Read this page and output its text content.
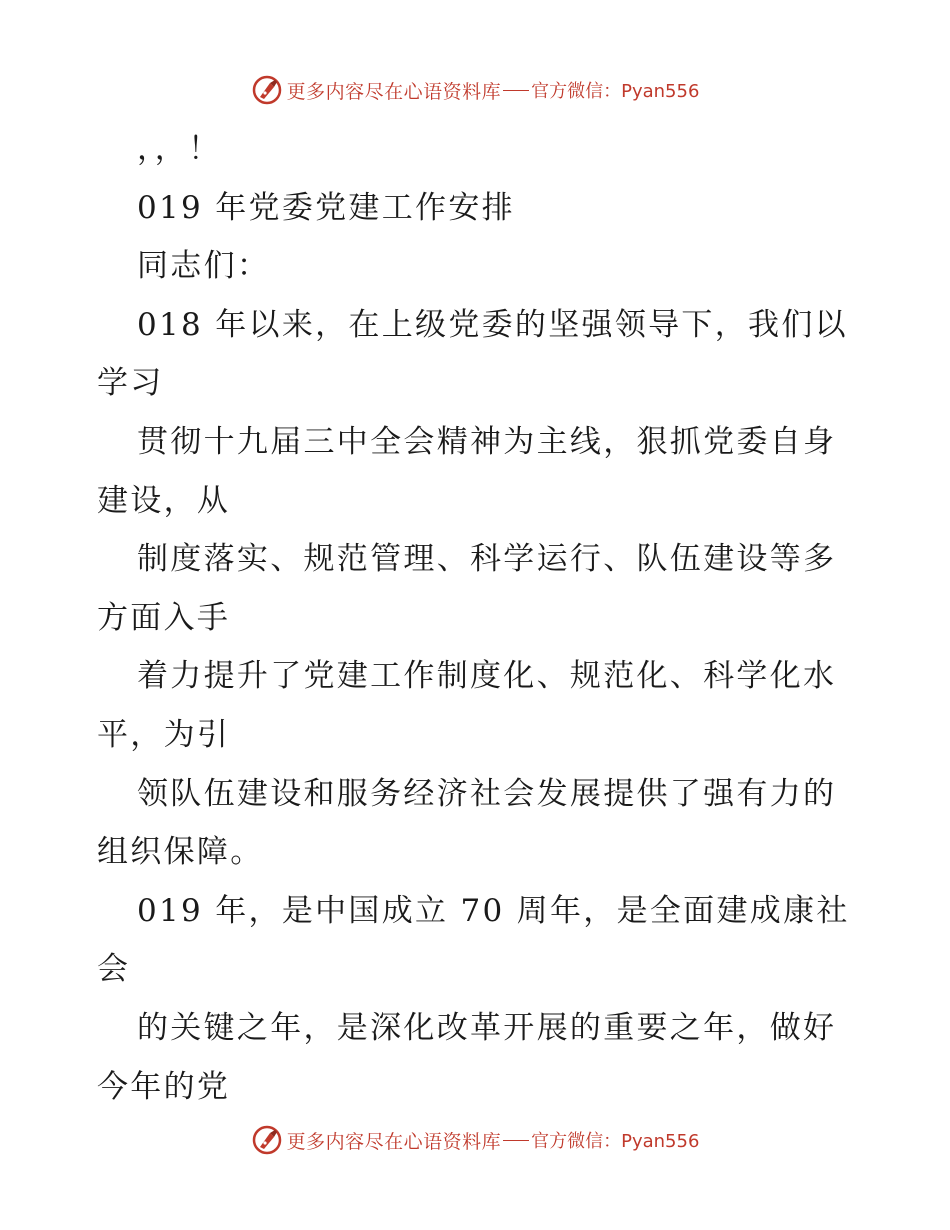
更多内容尽在心语资料库 官方微信：Pyan556

，，！

019 年党委党建工作安排

同志们：

018 年以来，在上级党委的坚强领导下，我们以

学习

贯彻十九届三中全会精神为主线，狠抓党委自身

建设，从

制度落实、规范管理、科学运行、队伍建设等多

方面入手

着力提升了党建工作制度化、规范化、科学化水

平，为引

领队伍建设和服务经济社会发展提供了强有力的

组织保障。

019 年，是中国成立 70 周年，是全面建成康社

会

的关键之年，是深化改革开展的重要之年，做好

今年的党

更多内容尽在心语资料库 官方微信：Pyan556
